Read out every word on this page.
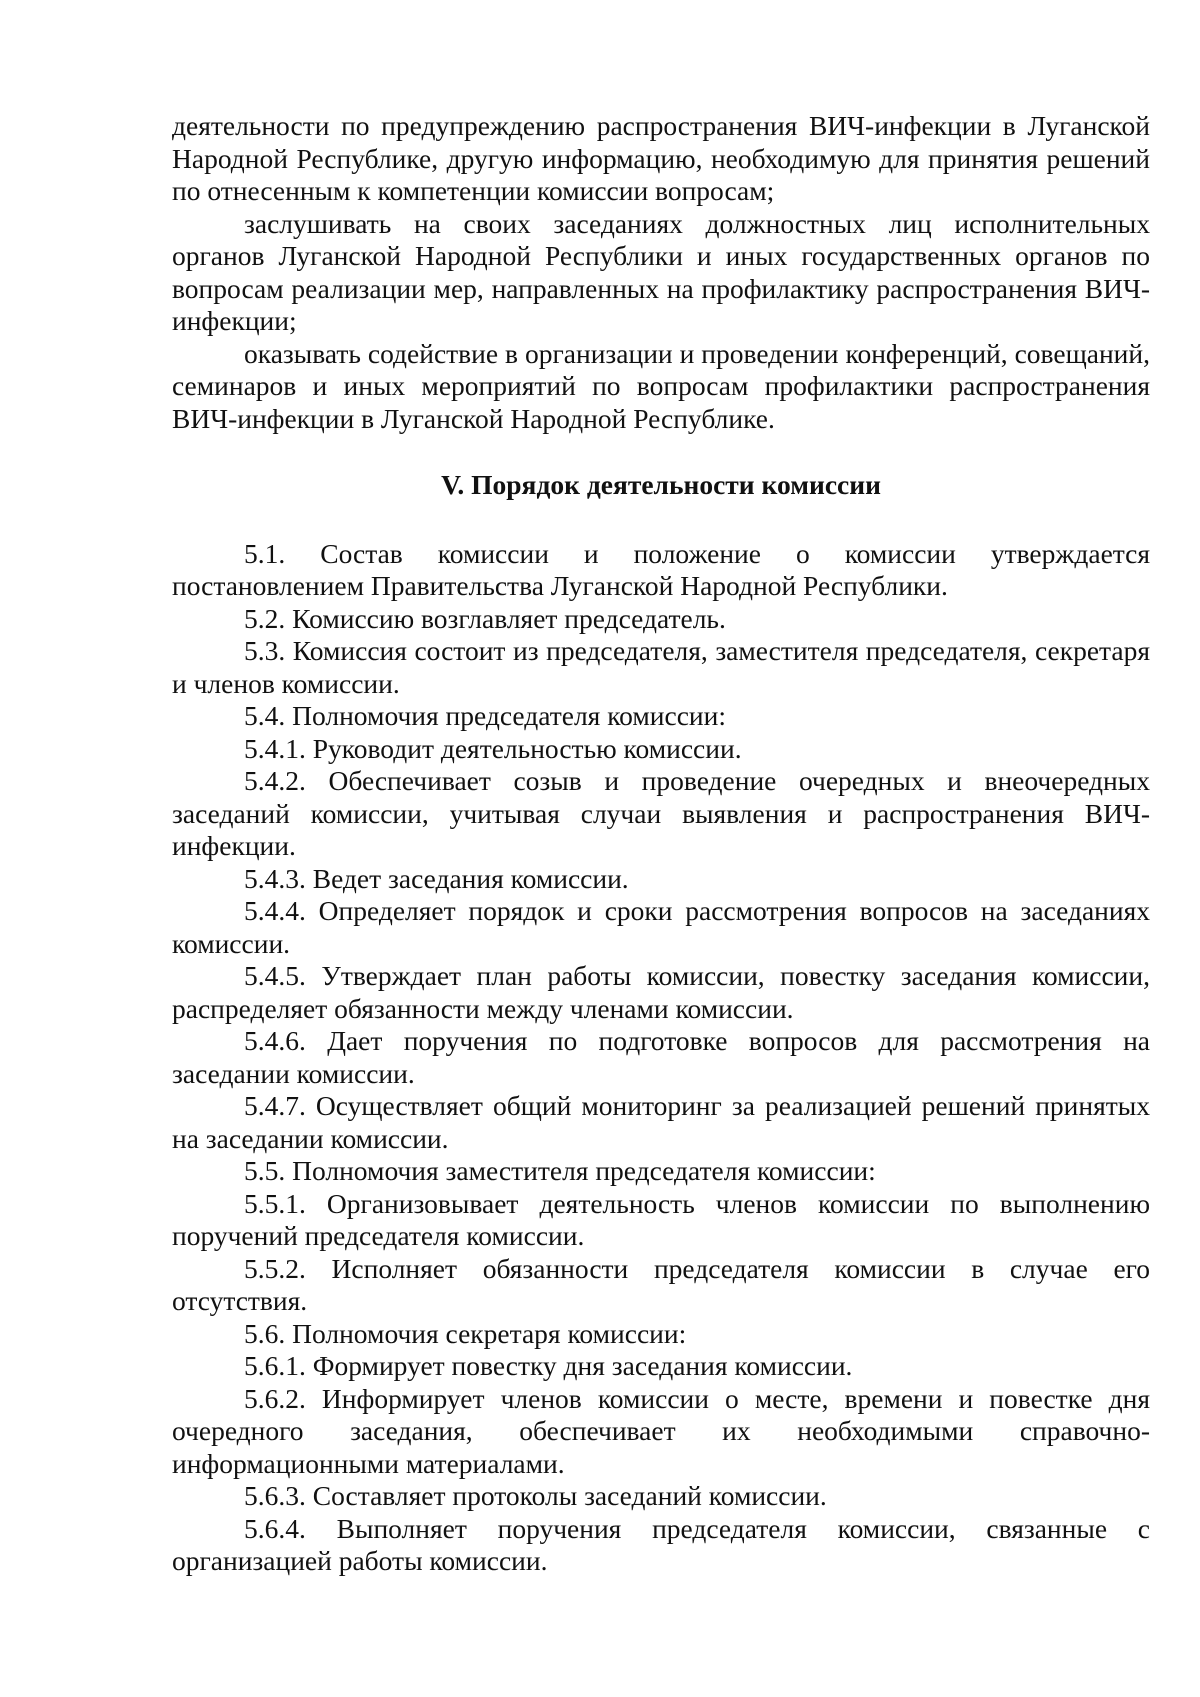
деятельности по предупреждению распространения ВИЧ-инфекции в Луганской Народной Республике, другую информацию, необходимую для принятия решений по отнесенным к компетенции комиссии вопросам;

заслушивать на своих заседаниях должностных лиц исполнительных органов Луганской Народной Республики и иных государственных органов по вопросам реализации мер, направленных на профилактику распространения ВИЧ-инфекции;

оказывать содействие в организации и проведении конференций, совещаний, семинаров и иных мероприятий по вопросам профилактики распространения ВИЧ-инфекции в Луганской Народной Республике.

V. Порядок деятельности комиссии

5.1. Состав комиссии и положение о комиссии утверждается постановлением Правительства Луганской Народной Республики.

5.2. Комиссию возглавляет председатель.

5.3. Комиссия состоит из председателя, заместителя председателя, секретаря и членов комиссии.

5.4. Полномочия председателя комиссии:

5.4.1. Руководит деятельностью комиссии.

5.4.2. Обеспечивает созыв и проведение очередных и внеочередных заседаний комиссии, учитывая случаи выявления и распространения ВИЧ-инфекции.

5.4.3. Ведет заседания комиссии.

5.4.4. Определяет порядок и сроки рассмотрения вопросов на заседаниях комиссии.

5.4.5. Утверждает план работы комиссии, повестку заседания комиссии, распределяет обязанности между членами комиссии.

5.4.6. Дает поручения по подготовке вопросов для рассмотрения на заседании комиссии.

5.4.7. Осуществляет общий мониторинг за реализацией решений принятых на заседании комиссии.

5.5. Полномочия заместителя председателя комиссии:

5.5.1. Организовывает деятельность членов комиссии по выполнению поручений председателя комиссии.

5.5.2. Исполняет обязанности председателя комиссии в случае его отсутствия.

5.6. Полномочия секретаря комиссии:

5.6.1. Формирует повестку дня заседания комиссии.

5.6.2. Информирует членов комиссии о месте, времени и повестке дня очередного заседания, обеспечивает их необходимыми справочно-информационными материалами.

5.6.3. Составляет протоколы заседаний комиссии.

5.6.4. Выполняет поручения председателя комиссии, связанные с организацией работы комиссии.
